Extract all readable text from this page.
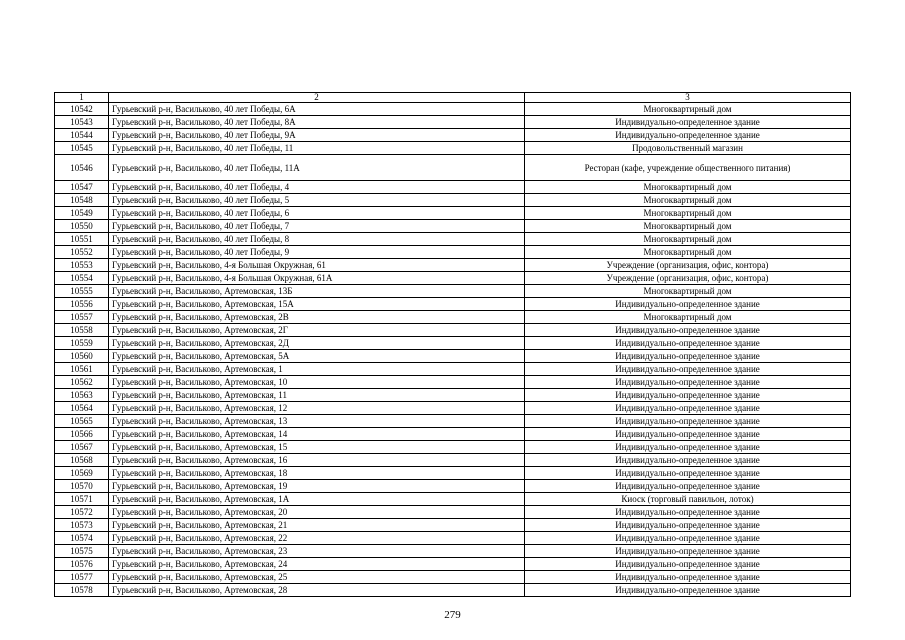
1	2	3
10542	Гурьевский р-н, Васильково, 40 лет Победы, 6А	Многоквартирный дом
10543	Гурьевский р-н, Васильково, 40 лет Победы, 8А	Индивидуально-определенное здание
10544	Гурьевский р-н, Васильково, 40 лет Победы, 9А	Индивидуально-определенное здание
10545	Гурьевский р-н, Васильково, 40 лет Победы, 11	Продовольственный магазин
10546	Гурьевский р-н, Васильково, 40 лет Победы, 11А	Ресторан (кафе, учреждение общественного питания)
10547	Гурьевский р-н, Васильково, 40 лет Победы, 4	Многоквартирный дом
10548	Гурьевский р-н, Васильково, 40 лет Победы, 5	Многоквартирный дом
10549	Гурьевский р-н, Васильково, 40 лет Победы, 6	Многоквартирный дом
10550	Гурьевский р-н, Васильково, 40 лет Победы, 7	Многоквартирный дом
10551	Гурьевский р-н, Васильково, 40 лет Победы, 8	Многоквартирный дом
10552	Гурьевский р-н, Васильково, 40 лет Победы, 9	Многоквартирный дом
10553	Гурьевский р-н, Васильково, 4-я Большая Окружная, 61	Учреждение (организация, офис, контора)
10554	Гурьевский р-н, Васильково, 4-я Большая Окружная, 61А	Учреждение (организация, офис, контора)
10555	Гурьевский р-н, Васильково, Артемовская, 13Б	Многоквартирный дом
10556	Гурьевский р-н, Васильково, Артемовская, 15А	Индивидуально-определенное здание
10557	Гурьевский р-н, Васильково, Артемовская, 2В	Многоквартирный дом
10558	Гурьевский р-н, Васильково, Артемовская, 2Г	Индивидуально-определенное здание
10559	Гурьевский р-н, Васильково, Артемовская, 2Д	Индивидуально-определенное здание
10560	Гурьевский р-н, Васильково, Артемовская, 5А	Индивидуально-определенное здание
10561	Гурьевский р-н, Васильково, Артемовская, 1	Индивидуально-определенное здание
10562	Гурьевский р-н, Васильково, Артемовская, 10	Индивидуально-определенное здание
10563	Гурьевский р-н, Васильково, Артемовская, 11	Индивидуально-определенное здание
10564	Гурьевский р-н, Васильково, Артемовская, 12	Индивидуально-определенное здание
10565	Гурьевский р-н, Васильково, Артемовская, 13	Индивидуально-определенное здание
10566	Гурьевский р-н, Васильково, Артемовская, 14	Индивидуально-определенное здание
10567	Гурьевский р-н, Васильково, Артемовская, 15	Индивидуально-определенное здание
10568	Гурьевский р-н, Васильково, Артемовская, 16	Индивидуально-определенное здание
10569	Гурьевский р-н, Васильково, Артемовская, 18	Индивидуально-определенное здание
10570	Гурьевский р-н, Васильково, Артемовская, 19	Индивидуально-определенное здание
10571	Гурьевский р-н, Васильково, Артемовская, 1А	Киоск (торговый павильон, лоток)
10572	Гурьевский р-н, Васильково, Артемовская, 20	Индивидуально-определенное здание
10573	Гурьевский р-н, Васильково, Артемовская, 21	Индивидуально-определенное здание
10574	Гурьевский р-н, Васильково, Артемовская, 22	Индивидуально-определенное здание
10575	Гурьевский р-н, Васильково, Артемовская, 23	Индивидуально-определенное здание
10576	Гурьевский р-н, Васильково, Артемовская, 24	Индивидуально-определенное здание
10577	Гурьевский р-н, Васильково, Артемовская, 25	Индивидуально-определенное здание
10578	Гурьевский р-н, Васильково, Артемовская, 28	Индивидуально-определенное здание
279
